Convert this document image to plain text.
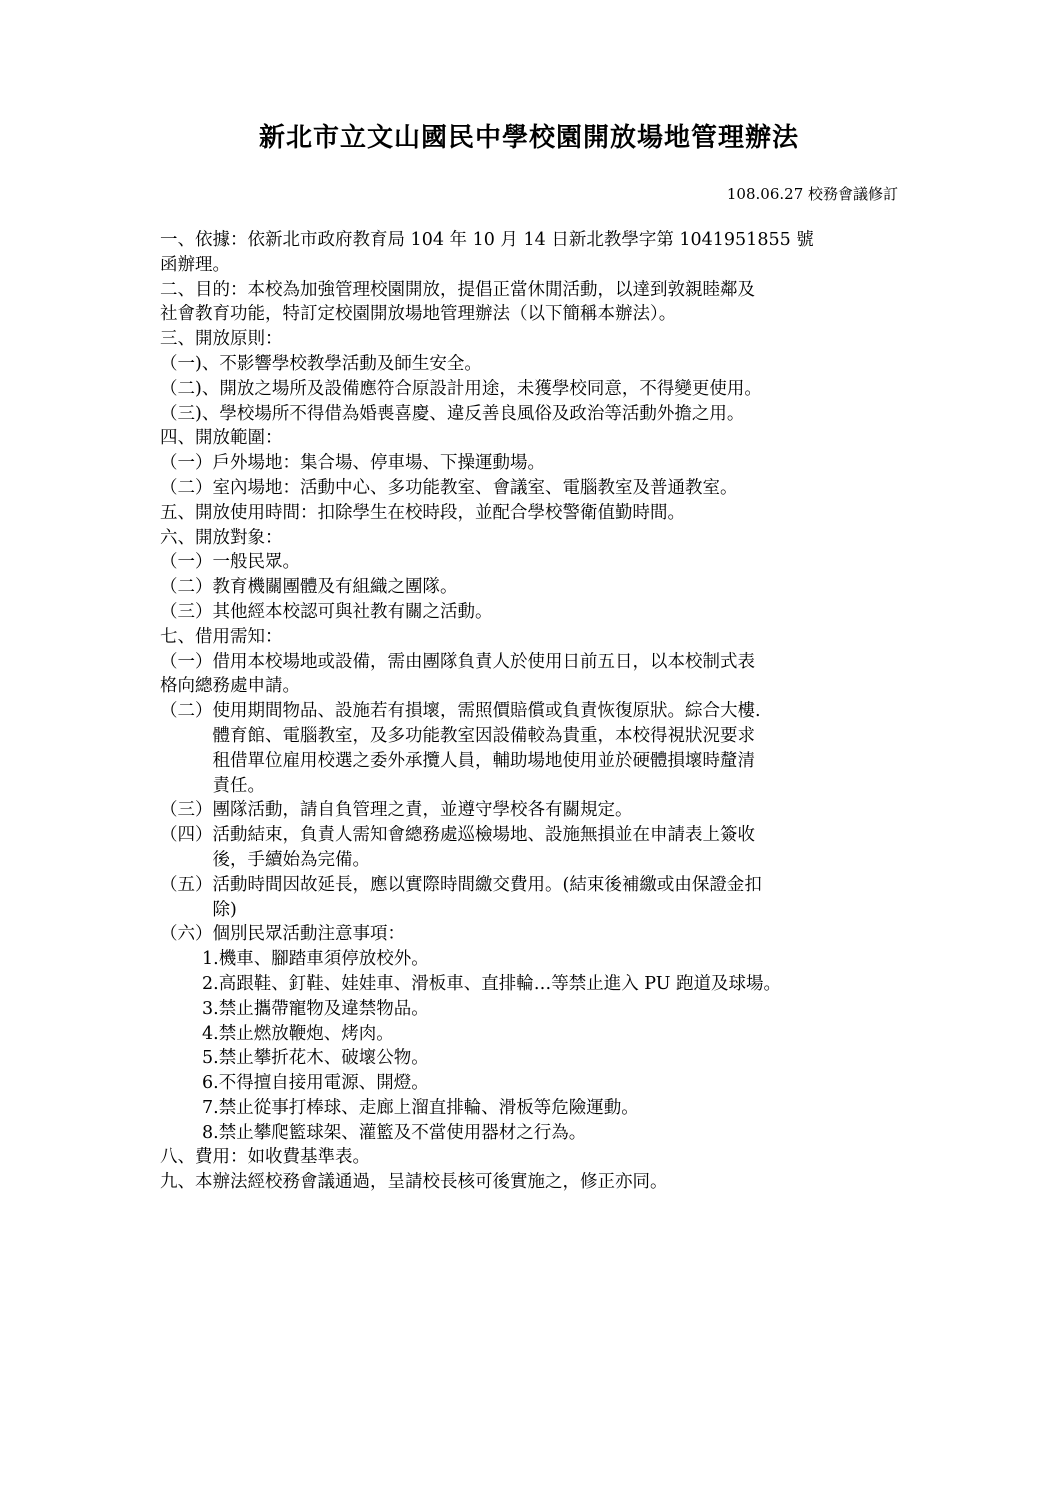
新北市立文山國民中學校園開放場地管理辦法
108.06.27 校務會議修訂
一、依據：依新北市政府教育局 104 年 10 月 14 日新北教學字第 1041951855 號
函辦理。
二、目的：本校為加強管理校園開放，提倡正當休閒活動，以達到敦親睦鄰及
社會教育功能，特訂定校園開放場地管理辦法（以下簡稱本辦法）。
三、開放原則：
（一)、不影響學校教學活動及師生安全。
（二)、開放之場所及設備應符合原設計用途，未獲學校同意，不得變更使用。
（三)、學校場所不得借為婚喪喜慶、違反善良風俗及政治等活動外擔之用。
四、開放範圍：
（一）戶外場地：集合場、停車場、下操運動場。
（二）室內場地：活動中心、多功能教室、會議室、電腦教室及普通教室。
五、開放使用時間：扣除學生在校時段，並配合學校警衛值勤時間。
六、開放對象：
（一）一般民眾。
（二）教育機關團體及有組織之團隊。
（三）其他經本校認可與社教有關之活動。
七、借用需知：
（一）借用本校場地或設備，需由團隊負責人於使用日前五日，以本校制式表
格向總務處申請。
（二） 使用期間物品、設施若有損壞，需照價賠償或負責恢復原狀。綜合大樓.
體育館、電腦教室，及多功能教室因設備較為貴重，本校得視狀況要求
租借單位雇用校選之委外承攬人員，輔助場地使用並於硬體損壞時釐清
責任。
（三）團隊活動，請自負管理之責，並遵守學校各有關規定。
（四） 活動結束，負責人需知會總務處巡檢場地、設施無損並在申請表上簽收
後，手續始為完備。
（五） 活動時間因故延長，應以實際時間繳交費用。(結束後補繳或由保證金扣
除)
（六）個別民眾活動注意事項：
1.機車、腳踏車須停放校外。
2.高跟鞋、釘鞋、娃娃車、滑板車、直排輪…等禁止進入 PU 跑道及球場。
3.禁止攜帶寵物及違禁物品。
4.禁止燃放鞭炮、烤肉。
5.禁止攀折花木、破壞公物。
6.不得擅自接用電源、開燈。
7.禁止從事打棒球、走廊上溜直排輪、滑板等危險運動。
8.禁止攀爬籃球架、灌籃及不當使用器材之行為。
八、費用：如收費基準表。
九、本辦法經校務會議通過，呈請校長核可後實施之，修正亦同。
